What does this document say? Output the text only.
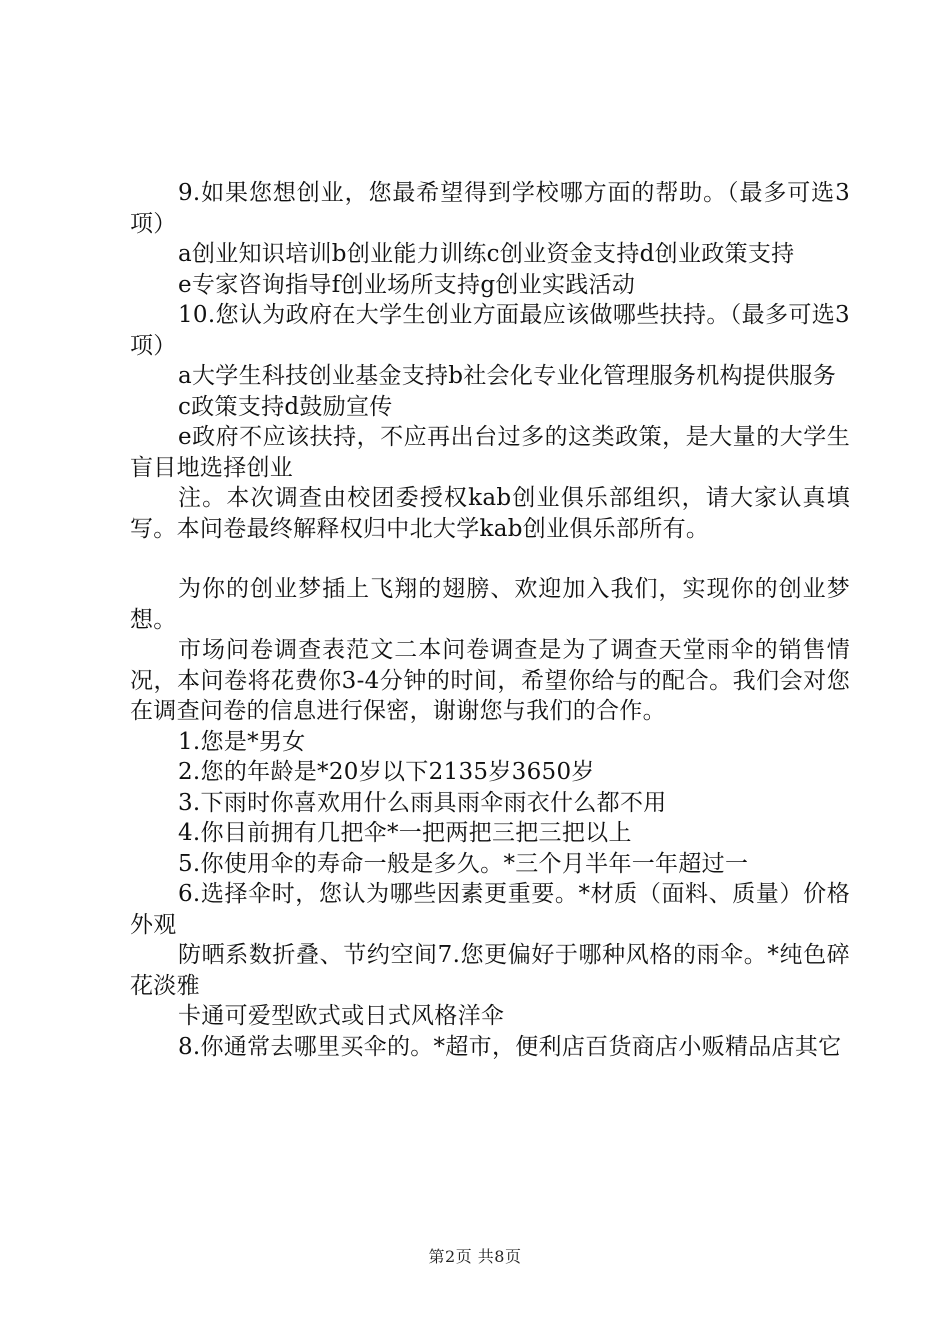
9.如果您想创业，您最希望得到学校哪方面的帮助。（最多可选3项）

a创业知识培训b创业能力训练c创业资金支持d创业政策支持

e专家咨询指导f创业场所支持g创业实践活动

10.您认为政府在大学生创业方面最应该做哪些扶持。（最多可选3项）

a大学生科技创业基金支持b社会化专业化管理服务机构提供服务

c政策支持d鼓励宣传

e政府不应该扶持，不应再出台过多的这类政策，是大量的大学生盲目地选择创业

注。本次调查由校团委授权kab创业俱乐部组织，请大家认真填写。本问卷最终解释权归中北大学kab创业俱乐部所有。

为你的创业梦插上飞翔的翅膀、欢迎加入我们，实现你的创业梦想。

市场问卷调查表范文二本问卷调查是为了调查天堂雨伞的销售情况，本问卷将花费你3-4分钟的时间，希望你给与的配合。我们会对您在调查问卷的信息进行保密，谢谢您与我们的合作。

1.您是*男女

2.您的年龄是*20岁以下2135岁3650岁

3.下雨时你喜欢用什么雨具雨伞雨衣什么都不用

4.你目前拥有几把伞*一把两把三把三把以上

5.你使用伞的寿命一般是多久。*三个月半年一年超过一

6.选择伞时，您认为哪些因素更重要。*材质（面料、质量）价格外观

防晒系数折叠、节约空间7.您更偏好于哪种风格的雨伞。*纯色碎花淡雅

卡通可爱型欧式或日式风格洋伞

8.你通常去哪里买伞的。*超市，便利店百货商店小贩精品店其它

第2页 共8页
